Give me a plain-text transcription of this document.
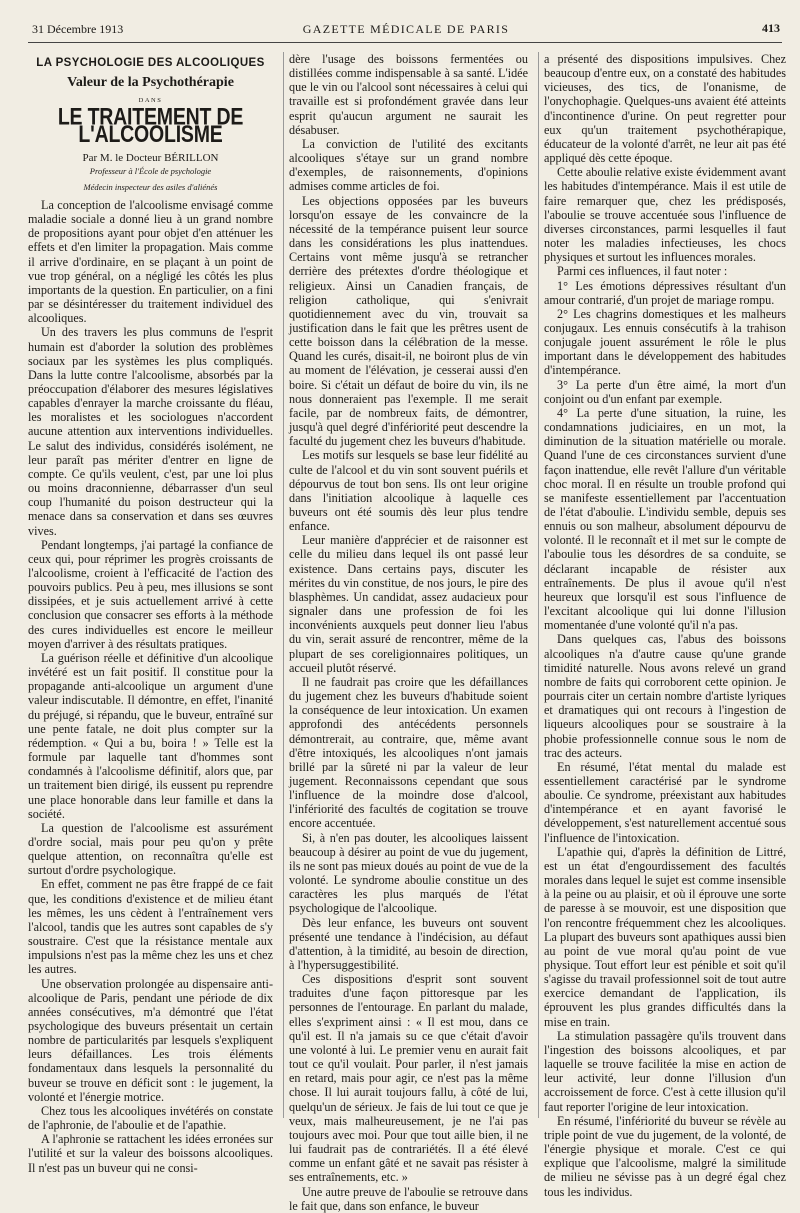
31 Décembre 1913	GAZETTE MÉDICALE DE PARIS	413
LA PSYCHOLOGIE DES ALCOOLIQUES
Valeur de la Psychothérapie
DANS
LE TRAITEMENT DE L'ALCOOLISME
Par M. le Docteur BÉRILLON
Professeur à l'École de psychologie
Médecin inspecteur des asiles d'aliénés

La conception de l'alcoolisme envisagé comme maladie sociale a donné lieu à un grand nombre de propositions ayant pour objet d'en atténuer les effets et d'en limiter la propagation. Mais comme il arrive d'ordinaire, en se plaçant à un point de vue trop général, on a négligé les côtés les plus importants de la question. En particulier, on a fini par se désintéresser du traitement individuel des alcooliques.

Un des travers les plus communs de l'esprit humain est d'aborder la solution des problèmes sociaux par les systèmes les plus compliqués. Dans la lutte contre l'alcoolisme, absorbés par la préoccupation d'élaborer des mesures législatives capables d'enrayer la marche croissante du fléau, les moralistes et les sociologues n'accordent aucune attention aux interventions individuelles. Le salut des individus, considérés isolément, ne leur paraît pas mériter d'entrer en ligne de compte. Ce qu'ils veulent, c'est, par une loi plus ou moins draconnienne, débarrasser d'un seul coup l'humanité du poison destructeur qui la menace dans sa conservation et dans ses œuvres vives.

Pendant longtemps, j'ai partagé la confiance de ceux qui, pour réprimer les progrès croissants de l'alcoolisme, croient à l'efficacité de l'action des pouvoirs publics. Peu à peu, mes illusions se sont dissipées, et je suis actuellement arrivé à cette conclusion que consacrer ses efforts à la méthode des cures individuelles est encore le meilleur moyen d'arriver à des résultats pratiques.

La guérison réelle et définitive d'un alcoolique invétéré est un fait positif. Il constitue pour la propagande anti-alcoolique un argument d'une valeur indiscutable. Il démontre, en effet, l'inanité du préjugé, si répandu, que le buveur, entraîné sur une pente fatale, ne doit plus compter sur la rédemption. « Qui a bu, boira ! » Telle est la formule par laquelle tant d'hommes sont condamnés à l'alcoolisme définitif, alors que, par un traitement bien dirigé, ils eussent pu reprendre une place honorable dans leur famille et dans la société.

La question de l'alcoolisme est assurément d'ordre social, mais pour peu qu'on y prête quelque attention, on reconnaîtra qu'elle est surtout d'ordre psychologique.

En effet, comment ne pas être frappé de ce fait que, les conditions d'existence et de milieu étant les mêmes, les uns cèdent à l'entraînement vers l'alcool, tandis que les autres sont capables de s'y soustraire. C'est que la résistance mentale aux impulsions n'est pas la même chez les uns et chez les autres.

Une observation prolongée au dispensaire anti-alcoolique de Paris, pendant une période de dix années consécutives, m'a démontré que l'état psychologique des buveurs présentait un certain nombre de particularités par lesquels s'expliquent leurs défaillances. Les trois éléments fondamentaux dans lesquels la personnalité du buveur se trouve en déficit sont : le jugement, la volonté et l'énergie motrice.

Chez tous les alcooliques invétérés on constate de l'aphronie, de l'aboulie et de l'apathie.

A l'aphronie se rattachent les idées erronées sur l'utilité et sur la valeur des boissons alcooliques. Il n'est pas un buveur qui ne consi-

dère l'usage des boissons fermentées ou distillées comme indispensable à sa santé. L'idée que le vin ou l'alcool sont nécessaires à celui qui travaille est si profondément gravée dans leur esprit qu'aucun argument ne saurait les désabuser.

La conviction de l'utilité des excitants alcooliques s'étaye sur un grand nombre d'exemples, de raisonnements, d'opinions admises comme articles de foi.

Les objections opposées par les buveurs lorsqu'on essaye de les convaincre de la nécessité de la tempérance puisent leur source dans les considérations les plus inattendues. Certains vont même jusqu'à se retrancher derrière des prétextes d'ordre théologique et religieux. Ainsi un Canadien français, de religion catholique, qui s'enivrait quotidiennement avec du vin, trouvait sa justification dans le fait que les prêtres usent de cette boisson dans la célébration de la messe. Quand les curés, disait-il, ne boiront plus de vin au moment de l'élévation, je cesserai aussi d'en boire. Si c'était un défaut de boire du vin, ils ne nous donneraient pas l'exemple. Il me serait facile, par de nombreux faits, de démontrer, jusqu'à quel degré d'infériorité peut descendre la faculté du jugement chez les buveurs d'habitude.

Les motifs sur lesquels se base leur fidélité au culte de l'alcool et du vin sont souvent puérils et dépourvus de tout bon sens. Ils ont leur origine dans l'initiation alcoolique à laquelle ces buveurs ont été soumis dès leur plus tendre enfance.

Leur manière d'apprécier et de raisonner est celle du milieu dans lequel ils ont passé leur existence. Dans certains pays, discuter les mérites du vin constitue, de nos jours, le pire des blasphèmes. Un candidat, assez audacieux pour signaler dans une profession de foi les inconvénients auxquels peut donner lieu l'abus du vin, serait assuré de rencontrer, même de la plupart de ses coreligionnaires politiques, un accueil plutôt réservé.

Il ne faudrait pas croire que les défaillances du jugement chez les buveurs d'habitude soient la conséquence de leur intoxication. Un examen approfondi des antécédents personnels démontrerait, au contraire, que, même avant d'être intoxiqués, les alcooliques n'ont jamais brillé par la sûreté ni par la valeur de leur jugement. Reconnaissons cependant que sous l'influence de la moindre dose d'alcool, l'infériorité des facultés de cogitation se trouve encore accentuée.

Si, à n'en pas douter, les alcooliques laissent beaucoup à désirer au point de vue du jugement, ils ne sont pas mieux doués au point de vue de la volonté. Le syndrome aboulie constitue un des caractères les plus marqués de l'état psychologique de l'alcoolique.

Dès leur enfance, les buveurs ont souvent présenté une tendance à l'indécision, au défaut d'attention, à la timidité, au besoin de direction, à l'hypersuggestibilité.

Ces dispositions d'esprit sont souvent traduites d'une façon pittoresque par les personnes de l'entourage. En parlant du malade, elles s'expriment ainsi : « Il est mou, dans ce qu'il est. Il n'a jamais su ce que c'était d'avoir une volonté à lui. Le premier venu en aurait fait tout ce qu'il voulait. Pour parler, il n'est jamais en retard, mais pour agir, ce n'est pas la même chose. Il lui aurait toujours fallu, à côté de lui, quelqu'un de sérieux. Je fais de lui tout ce que je veux, mais malheureusement, je ne l'ai pas toujours avec moi. Pour que tout aille bien, il ne lui faudrait pas de contrariétés. Il a été élevé comme un enfant gâté et ne savait pas résister à ses entraînements, etc. »

Une autre preuve de l'aboulie se retrouve dans le fait que, dans son enfance, le buveur

a présenté des dispositions impulsives. Chez beaucoup d'entre eux, on a constaté des habitudes vicieuses, des tics, de l'onanisme, de l'onychophagie. Quelques-uns avaient été atteints d'incontinence d'urine. On peut regretter pour eux qu'un traitement psychothérapique, éducateur de la volonté d'arrêt, ne leur ait pas été appliqué dès cette époque.

Cette aboulie relative existe évidemment avant les habitudes d'intempérance. Mais il est utile de faire remarquer que, chez les prédisposés, l'aboulie se trouve accentuée sous l'influence de diverses circonstances, parmi lesquelles il faut noter les maladies infectieuses, les chocs physiques et surtout les influences morales.

Parmi ces influences, il faut noter :

1° Les émotions dépressives résultant d'un amour contrarié, d'un projet de mariage rompu.

2° Les chagrins domestiques et les malheurs conjugaux. Les ennuis consécutifs à la trahison conjugale jouent assurément le rôle le plus important dans le développement des habitudes d'intempérance.

3° La perte d'un être aimé, la mort d'un conjoint ou d'un enfant par exemple.

4° La perte d'une situation, la ruine, les condamnations judiciaires, en un mot, la diminution de la situation matérielle ou morale. Quand l'une de ces circonstances survient d'une façon inattendue, elle revêt l'allure d'un véritable choc moral. Il en résulte un trouble profond qui se manifeste essentiellement par l'accentuation de l'état d'aboulie. L'individu semble, depuis ses ennuis ou son malheur, absolument dépourvu de volonté. Il le reconnaît et il met sur le compte de l'aboulie tous les désordres de sa conduite, se déclarant incapable de résister aux entraînements. De plus il avoue qu'il n'est heureux que lorsqu'il est sous l'influence de l'excitant alcoolique qui lui donne l'illusion momentanée d'une volonté qu'il n'a pas.

Dans quelques cas, l'abus des boissons alcooliques n'a d'autre cause qu'une grande timidité naturelle. Nous avons relevé un grand nombre de faits qui corroborent cette opinion. Je pourrais citer un certain nombre d'artiste lyriques et dramatiques qui ont recours à l'ingestion de liqueurs alcooliques pour se soustraire à la phobie professionnelle connue sous le nom de trac des acteurs.

En résumé, l'état mental du malade est essentiellement caractérisé par le syndrome aboulie. Ce syndrome, préexistant aux habitudes d'intempérance et en ayant favorisé le développement, s'est naturellement accentué sous l'influence de l'intoxication.

L'apathie qui, d'après la définition de Littré, est un état d'engourdissement des facultés morales dans lequel le sujet est comme insensible à la peine ou au plaisir, et où il éprouve une sorte de paresse à se mouvoir, est une disposition que l'on rencontre fréquemment chez les alcooliques. La plupart des buveurs sont apathiques aussi bien au point de vue moral qu'au point de vue physique. Tout effort leur est pénible et soit qu'il s'agisse du travail professionnel soit de tout autre exercice demandant de l'application, ils éprouvent les plus grandes difficultés dans la mise en train.

La stimulation passagère qu'ils trouvent dans l'ingestion des boissons alcooliques, et par laquelle se trouve facilitée la mise en action de leur activité, leur donne l'illusion d'un accroissement de force. C'est à cette illusion qu'il faut reporter l'origine de leur intoxication.

En résumé, l'infériorité du buveur se révèle au triple point de vue du jugement, de la volonté, de l'énergie physique et morale. C'est ce qui explique que l'alcoolisme, malgré la similitude de milieu ne sévisse pas à un degré égal chez tous les individus.
